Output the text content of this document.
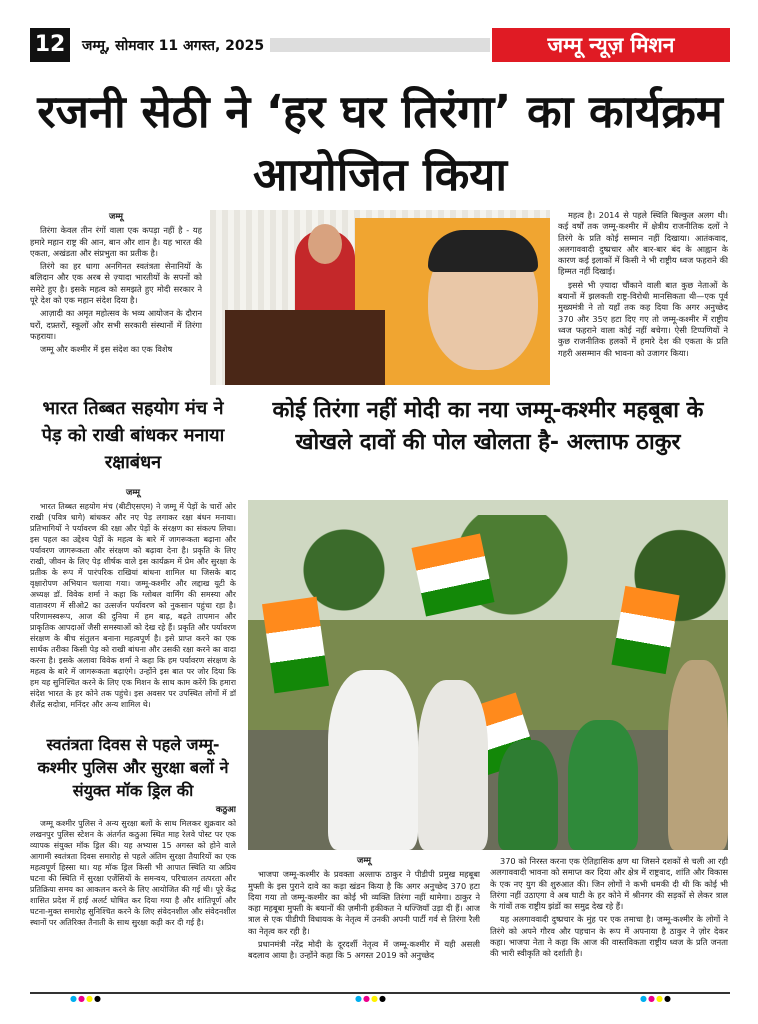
12	जम्मू, सोमवार 11 अगस्त, 2025	जम्मू न्यूज़ मिशन
रजनी सेठी ने ‘हर घर तिरंगा’ का कार्यक्रम आयोजित किया

जम्मू

तिरंगा केवल तीन रंगों वाला एक कपड़ा नहीं है - यह हमारे महान राष्ट्र की आन, बान और शान है। यह भारत की एकता, अखंडता और संप्रभुता का प्रतीक है।

तिरंगे का हर धागा अनगिनत स्वतंत्रता सेनानियों के बलिदान और एक अरब से ज़्यादा भारतीयों के सपनों को समेटे हुए है। इसके महत्व को समझते हुए मोदी सरकार ने पूरे देश को एक महान संदेश दिया है।

आज़ादी का अमृत महोत्सव के भव्य आयोजन के दौरान घरों, दफ़्तरों, स्कूलों और सभी सरकारी संस्थानों में तिरंगा फहराया।

जम्मू और कश्मीर में इस संदेश का एक विशेष

महत्व है। 2014 से पहले स्थिति बिल्कुल अलग थी। कई वर्षों तक जम्मू-कश्मीर में क्षेत्रीय राजनीतिक दलों ने तिरंगे के प्रति कोई सम्मान नहीं दिखाया। आतंकवाद, अलगाववादी दुष्प्रचार और बार-बार बंद के आह्वान के कारण कई इलाकों में किसी ने भी राष्ट्रीय ध्वज फहराने की हिम्मत नहीं दिखाई।

इससे भी ज़्यादा चौंकाने वाली बात कुछ नेताओं के बयानों में झलकती राष्ट्र-विरोधी मानसिकता थी—एक पूर्व मुख्यमंत्री ने तो यहाँ तक कह दिया कि अगर अनुच्छेद 370 और 35ए हटा दिए गए तो जम्मू-कश्मीर में राष्ट्रीय ध्वज फहराने वाला कोई नहीं बचेगा। ऐसी टिप्पणियों ने कुछ राजनीतिक हलकों में हमारे देश की एकता के प्रति गहरी असम्मान की भावना को उजागर किया।

भारत तिब्बत सहयोग मंच ने पेड़ को राखी बांधकर मनाया रक्षाबंधन

जम्मू

भारत तिब्बत सहयोग मंच (बीटीएसएम) ने जम्मू में पेड़ों के चारों ओर राखी (पवित्र धागे) बांधकर और नए पेड़ लगाकर रक्षा बंधन मनाया। प्रतिभागियों ने पर्यावरण की रक्षा और पेड़ों के संरक्षण का संकल्प लिया। इस पहल का उद्देश्य पेड़ों के महत्व के बारे में जागरूकता बढ़ाना और पर्यावरण जागरूकता और संरक्षण को बढ़ावा देना है। प्रकृति के लिए राखी, जीवन के लिए पेड़ शीर्षक वाले इस कार्यक्रम में प्रेम और सुरक्षा के प्रतीक के रूप में पारंपरिक राखियां बांधना शामिल था जिसके बाद वृक्षारोपण अभियान चलाया गया। जम्मू-कश्मीर और लद्दाख यूटी के अध्यक्ष डॉ. विवेक शर्मा ने कहा कि ग्लोबल वार्मिंग की समस्या और वातावरण में सीओ2 का उत्सर्जन पर्यावरण को नुकसान पहुंचा रहा है। परिणामस्वरूप, आज की दुनिया में हम बाढ़, बढ़ते तापमान और प्राकृतिक आपदाओं जैसी समस्याओं को देख रहे हैं। प्रकृति और पर्यावरण संरक्षण के बीच संतुलन बनाना महत्वपूर्ण है। इसे प्राप्त करने का एक सार्थक तरीका किसी पेड़ को राखी बांधना और उसकी रक्षा करने का वादा करना है। इसके अलावा विवेक शर्मा ने कहा कि हम पर्यावरण संरक्षण के महत्व के बारे में जागरूकता बढ़ाएंगे। उन्होंने इस बात पर जोर दिया कि हम यह सुनिश्चित करने के लिए एक मिशन के साथ काम करेंगे कि हमारा संदेश भारत के हर कोने तक पहुंचे। इस अवसर पर उपस्थित लोगों में डॉ शैलेंद्र सदोत्रा, मनिंदर और अन्य शामिल थे।

स्वतंत्रता दिवस से पहले जम्मू-कश्मीर पुलिस और सुरक्षा बलों ने संयुक्त मॉक ड्रिल की

कठुआ

जम्मू कश्मीर पुलिस ने अन्य सुरक्षा बलों के साथ मिलकर शुक्रवार को लखनपुर पुलिस स्टेशन के अंतर्गत कठुआ स्थित माह रेलवे पोस्ट पर एक व्यापक संयुक्त मॉक ड्रिल की। यह अभ्यास 15 अगस्त को होने वाले आगामी स्वतंत्रता दिवस समारोह से पहले अंतिम सुरक्षा तैयारियों का एक महत्वपूर्ण हिस्सा था। यह मॉक ड्रिल किसी भी आपात स्थिति या अप्रिय घटना की स्थिति में सुरक्षा एजेंसियों के समन्वय, परिचालन तत्परता और प्रतिक्रिया समय का आकलन करने के लिए आयोजित की गई थी। पूरे केंद्र शासित प्रदेश में हाई अलर्ट घोषित कर दिया गया है और शांतिपूर्ण और घटना-मुक्त समारोह सुनिश्चित करने के लिए संवेदनशील और संवेदनशील स्थानों पर अतिरिक्त तैनाती के साथ सुरक्षा कड़ी कर दी गई है।

कोई तिरंगा नहीं मोदी का नया जम्मू-कश्मीर महबूबा के खोखले दावों की पोल खोलता है- अल्ताफ ठाकुर

जम्मू

भाजपा जम्मू-कश्मीर के प्रवक्ता अल्ताफ ठाकुर ने पीडीपी प्रमुख महबूबा मुफ्ती के इस पुराने दावे का कड़ा खंडन किया है कि अगर अनुच्छेद 370 हटा दिया गया तो जम्मू-कश्मीर का कोई भी व्यक्ति तिरंगा नहीं थामेगा। ठाकुर ने कहा महबूबा मुफ्ती के बयानों की ज़मीनी हकीकत ने धज्जियाँ उड़ा दी हैं। आज त्राल से एक पीडीपी विधायक के नेतृत्व में उनकी अपनी पार्टी गर्व से तिरंगा रैली का नेतृत्व कर रही है।

प्रधानमंत्री नरेंद्र मोदी के दूरदर्शी नेतृत्व में जम्मू-कश्मीर में यही असली बदलाव आया है। उन्होंने कहा कि 5 अगस्त 2019 को अनुच्छेद

370 को निरस्त करना एक ऐतिहासिक क्षण था जिसने दशकों से चली आ रही अलगाववादी भावना को समाप्त कर दिया और क्षेत्र में राष्ट्रवाद, शांति और विकास के एक नए युग की शुरुआत की। जिन लोगों ने कभी धमकी दी थी कि कोई भी तिरंगा नहीं उठाएगा वे अब घाटी के हर कोने में श्रीनगर की सड़कों से लेकर त्राल के गांवों तक राष्ट्रीय झंडों का समुद्र देख रहे हैं।

यह अलगाववादी दुष्प्रचार के मुंह पर एक तमाचा है। जम्मू-कश्मीर के लोगों ने तिरंगे को अपने गौरव और पहचान के रूप में अपनाया है ठाकुर ने ज़ोर देकर कहा। भाजपा नेता ने कहा कि आज की वास्तविकता राष्ट्रीय ध्वज के प्रति जनता की भारी स्वीकृति को दर्शाती है।

●●●●	●●●●	●●●●
